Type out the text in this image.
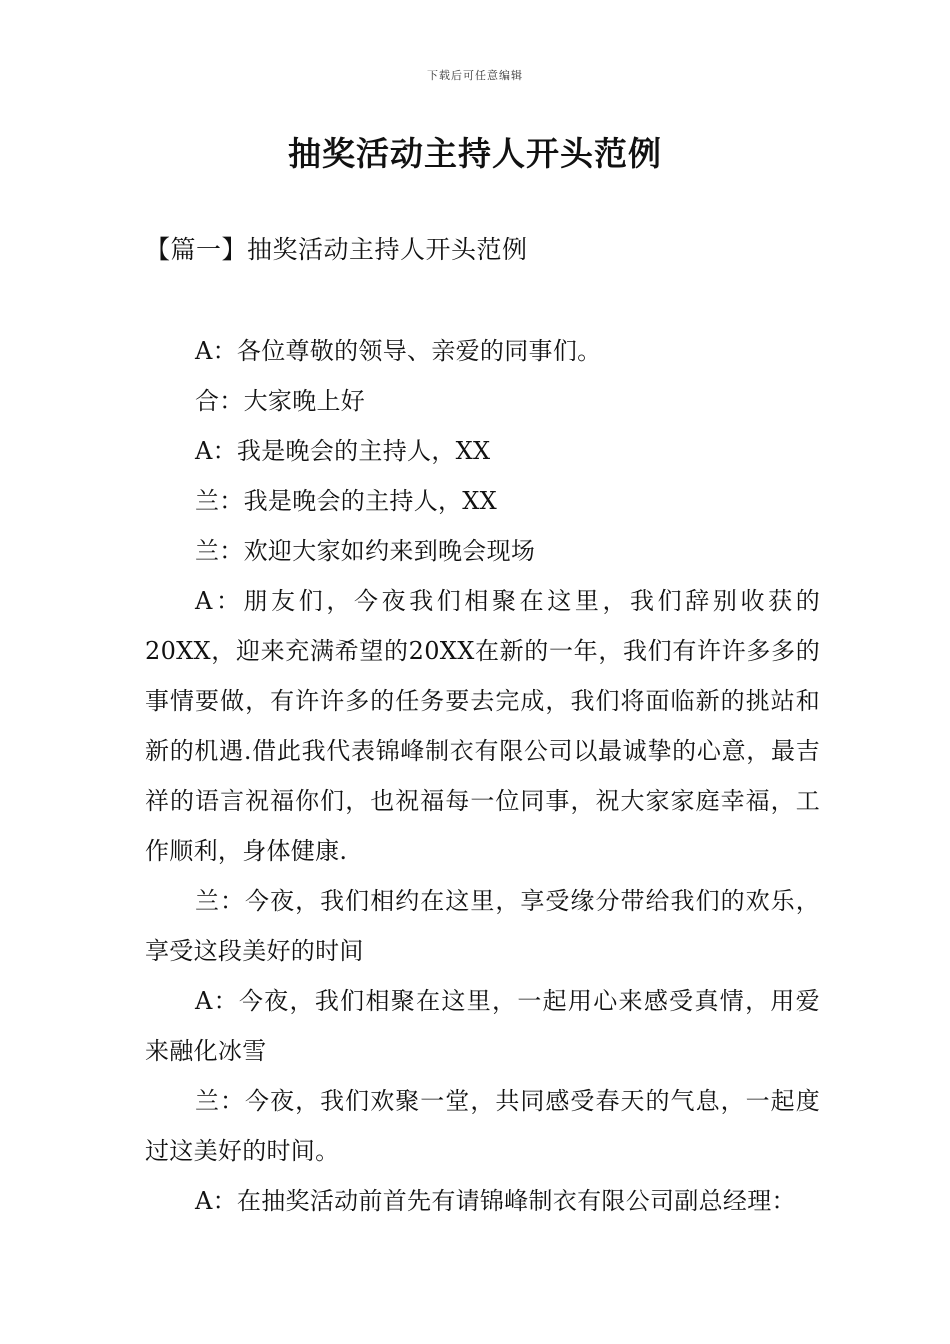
下载后可任意编辑
抽奖活动主持人开头范例
【篇一】抽奖活动主持人开头范例

A：各位尊敬的领导、亲爱的同事们。

合：大家晚上好

A：我是晚会的主持人，XX

兰：我是晚会的主持人，XX

兰：欢迎大家如约来到晚会现场

A：朋友们，今夜我们相聚在这里，我们辞别收获的20XX，迎来充满希望的20XX在新的一年，我们有许许多多的事情要做，有许许多的任务要去完成，我们将面临新的挑站和新的机遇.借此我代表锦峰制衣有限公司以最诚挚的心意，最吉祥的语言祝福你们，也祝福每一位同事，祝大家家庭幸福，工作顺利，身体健康.

兰：今夜，我们相约在这里，享受缘分带给我们的欢乐，享受这段美好的时间

A：今夜，我们相聚在这里，一起用心来感受真情，用爱来融化冰雪

兰：今夜，我们欢聚一堂，共同感受春天的气息，一起度过这美好的时间。

A：在抽奖活动前首先有请锦峰制衣有限公司副总经理：
